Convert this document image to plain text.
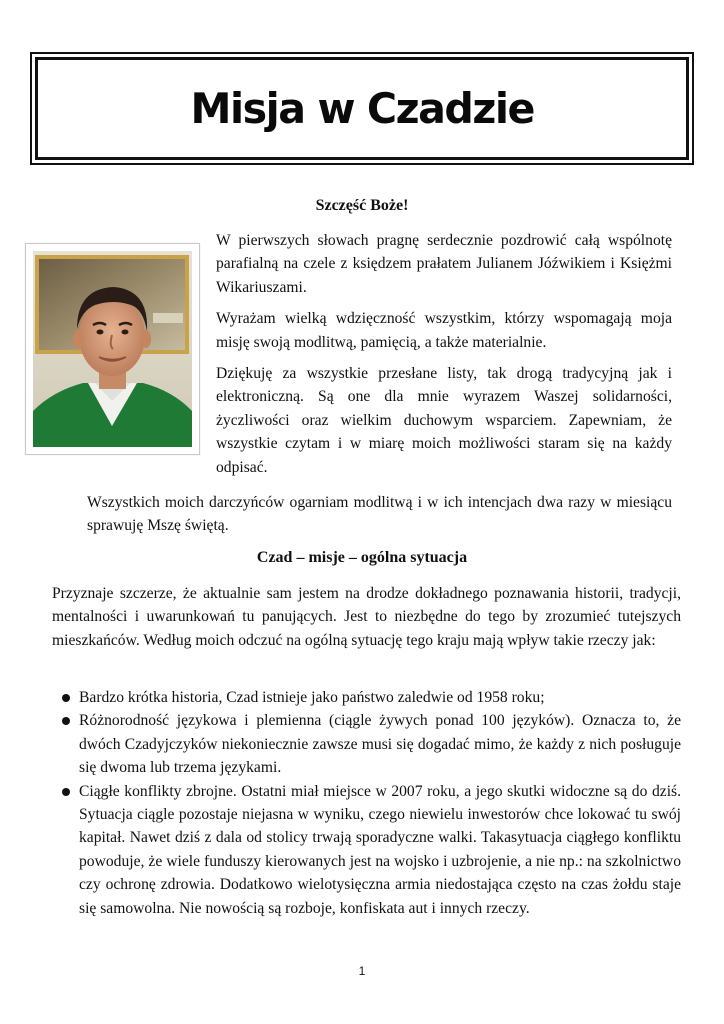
Misja w Czadzie

Szczęść Boże!

W pierwszych słowach pragnę serdecznie pozdrowić całą wspólnotę parafialną na czele z księdzem prałatem Julianem Jóźwikiem i Księżmi Wikariuszami.

Wyrażam wielką wdzięczność wszystkim, którzy wspomagają moja misję swoją modlitwą, pamięcią, a także materialnie.

Dziękuję za wszystkie przesłane listy, tak drogą tradycyjną jak i elektroniczną. Są one dla mnie wyrazem Waszej solidarności, życzliwości oraz wielkim duchowym wsparciem. Zapewniam, że wszystkie czytam i w miarę moich możliwości staram się na każdy odpisać.

Wszystkich moich darczyńców ogarniam modlitwą i w ich intencjach dwa razy w miesiącu sprawuję Mszę świętą.

Czad – misje – ogólna sytuacja

Przyznaje szczerze, że aktualnie sam jestem na drodze dokładnego poznawania historii, tradycji, mentalności i uwarunkowań tu panujących. Jest to niezbędne do tego by zrozumieć tutejszych mieszkańców. Według moich odczuć na ogólną sytuację tego kraju mają wpływ takie rzeczy jak:

Bardzo krótka historia, Czad istnieje jako państwo zaledwie od 1958 roku;
Różnorodność językowa i plemienna (ciągle żywych ponad 100 języków). Oznacza to, że dwóch Czadyjczyków niekoniecznie zawsze musi się dogadać mimo, że każdy z nich posługuje się dwoma lub trzema językami.
Ciągłe konflikty zbrojne. Ostatni miał miejsce w 2007 roku, a jego skutki widoczne są do dziś. Sytuacja ciągle pozostaje niejasna w wyniku, czego niewielu inwestorów chce lokować tu swój kapitał. Nawet dziś z dala od stolicy trwają sporadyczne walki. Takasytuacja ciągłego konfliktu powoduje, że wiele funduszy kierowanych jest na wojsko i uzbrojenie, a nie np.: na szkolnictwo czy ochronę zdrowia. Dodatkowo wielotysięczna armia niedostająca często na czas żołdu staje się samowolna. Nie nowością są rozboje, konfiskata aut i innych rzeczy.

1
